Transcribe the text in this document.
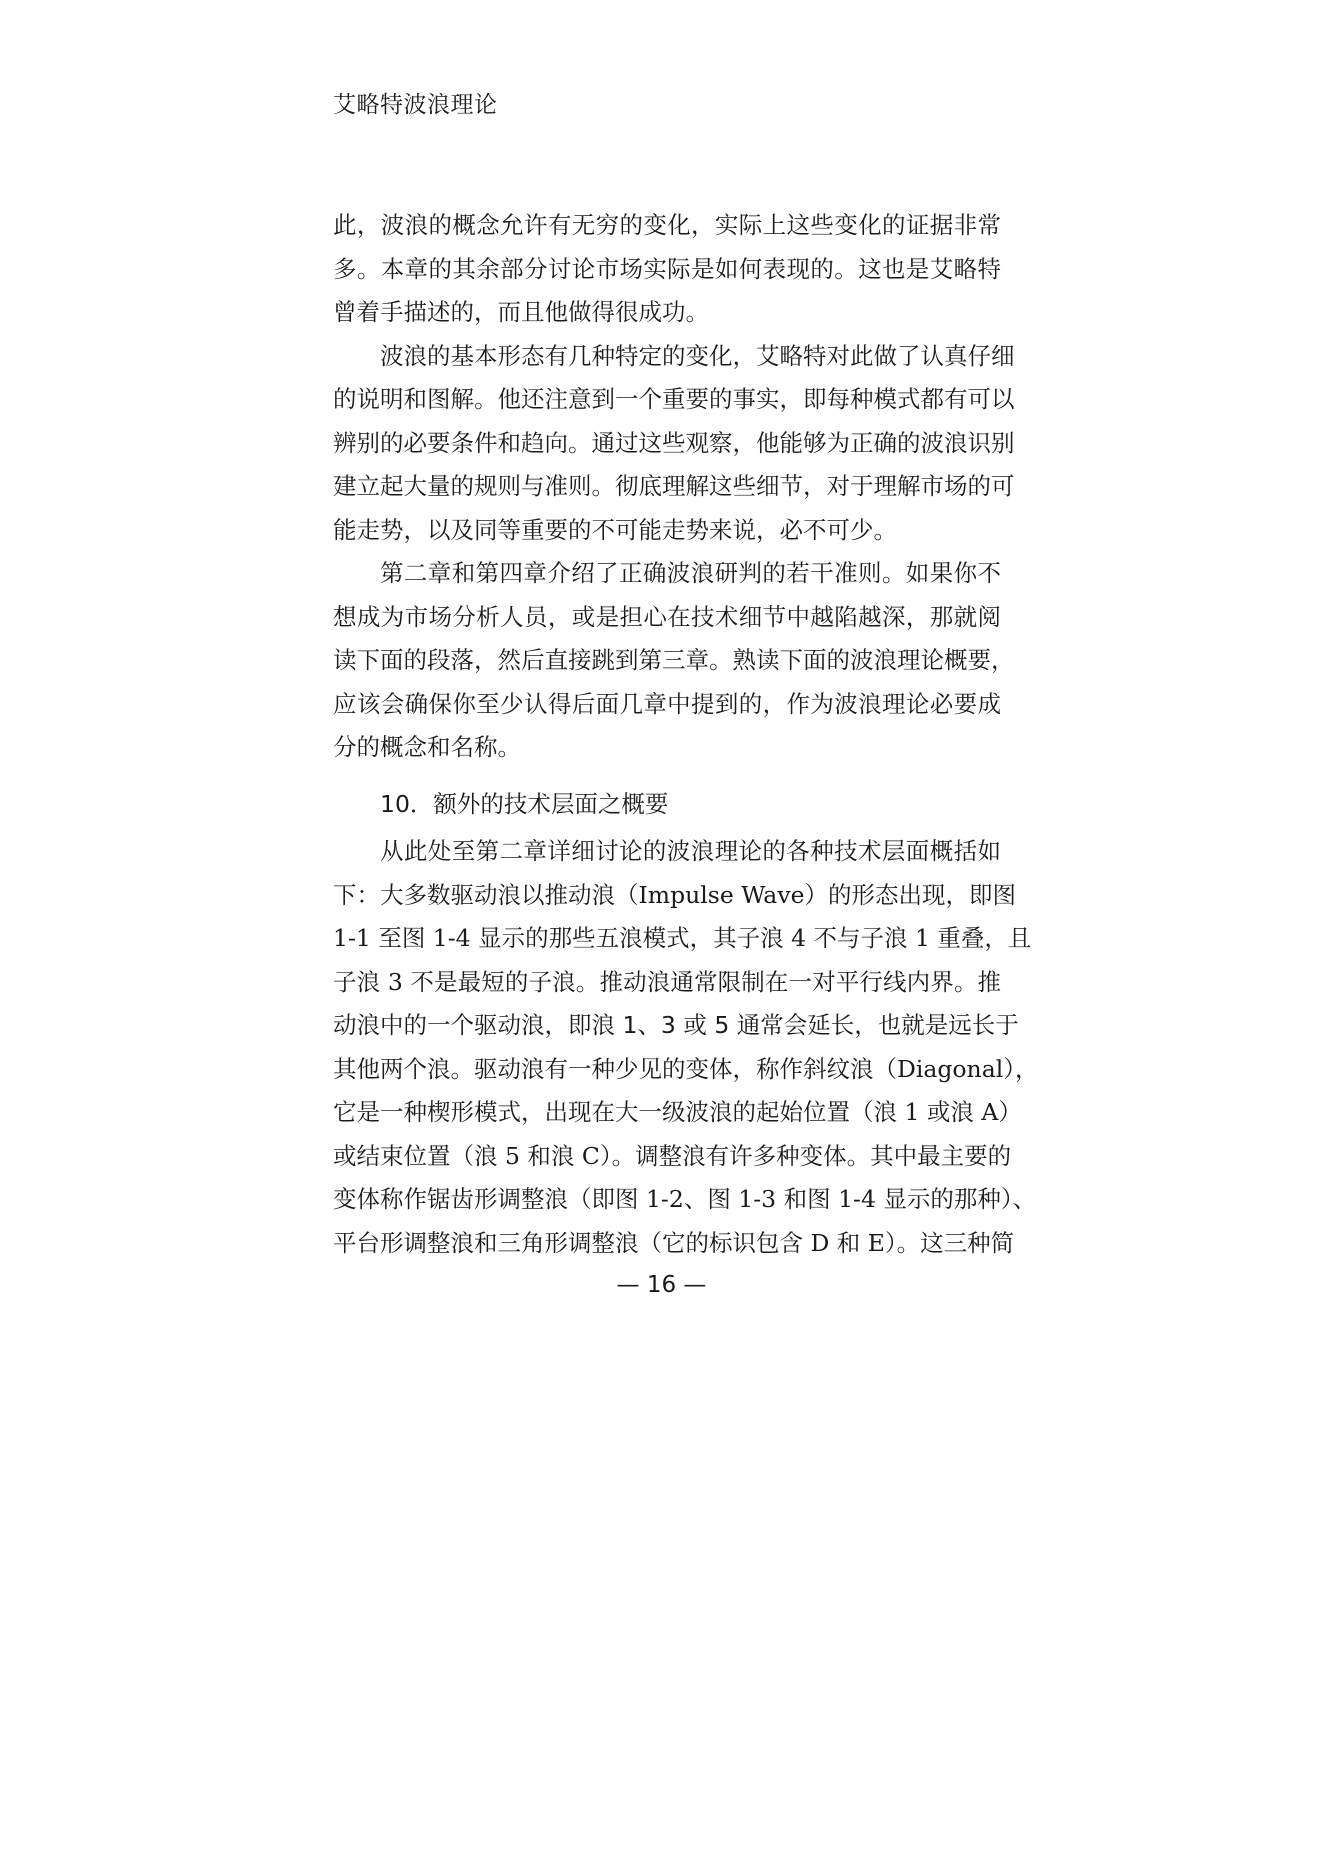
艾略特波浪理论
此，波浪的概念允许有无穷的变化，实际上这些变化的证据非常
多。本章的其余部分讨论市场实际是如何表现的。这也是艾略特
曾着手描述的，而且他做得很成功。
波浪的基本形态有几种特定的变化，艾略特对此做了认真仔细
的说明和图解。他还注意到一个重要的事实，即每种模式都有可以
辨别的必要条件和趋向。通过这些观察，他能够为正确的波浪识别
建立起大量的规则与准则。彻底理解这些细节，对于理解市场的可
能走势，以及同等重要的不可能走势来说，必不可少。
第二章和第四章介绍了正确波浪研判的若干准则。如果你不
想成为市场分析人员，或是担心在技术细节中越陷越深，那就阅
读下面的段落，然后直接跳到第三章。熟读下面的波浪理论概要，
应该会确保你至少认得后面几章中提到的，作为波浪理论必要成
分的概念和名称。
10．额外的技术层面之概要
从此处至第二章详细讨论的波浪理论的各种技术层面概括如
下：大多数驱动浪以推动浪（Impulse Wave）的形态出现，即图
1-1 至图 1-4 显示的那些五浪模式，其子浪 4 不与子浪 1 重叠，且
子浪 3 不是最短的子浪。推动浪通常限制在一对平行线内界。推
动浪中的一个驱动浪，即浪 1、3 或 5 通常会延长，也就是远长于
其他两个浪。驱动浪有一种少见的变体，称作斜纹浪（Diagonal），
它是一种楔形模式，出现在大一级波浪的起始位置（浪 1 或浪 A）
或结束位置（浪 5 和浪 C）。调整浪有许多种变体。其中最主要的
变体称作锯齿形调整浪（即图 1-2、图 1-3 和图 1-4 显示的那种）、
平台形调整浪和三角形调整浪（它的标识包含 D 和 E）。这三种简
— 16 —
